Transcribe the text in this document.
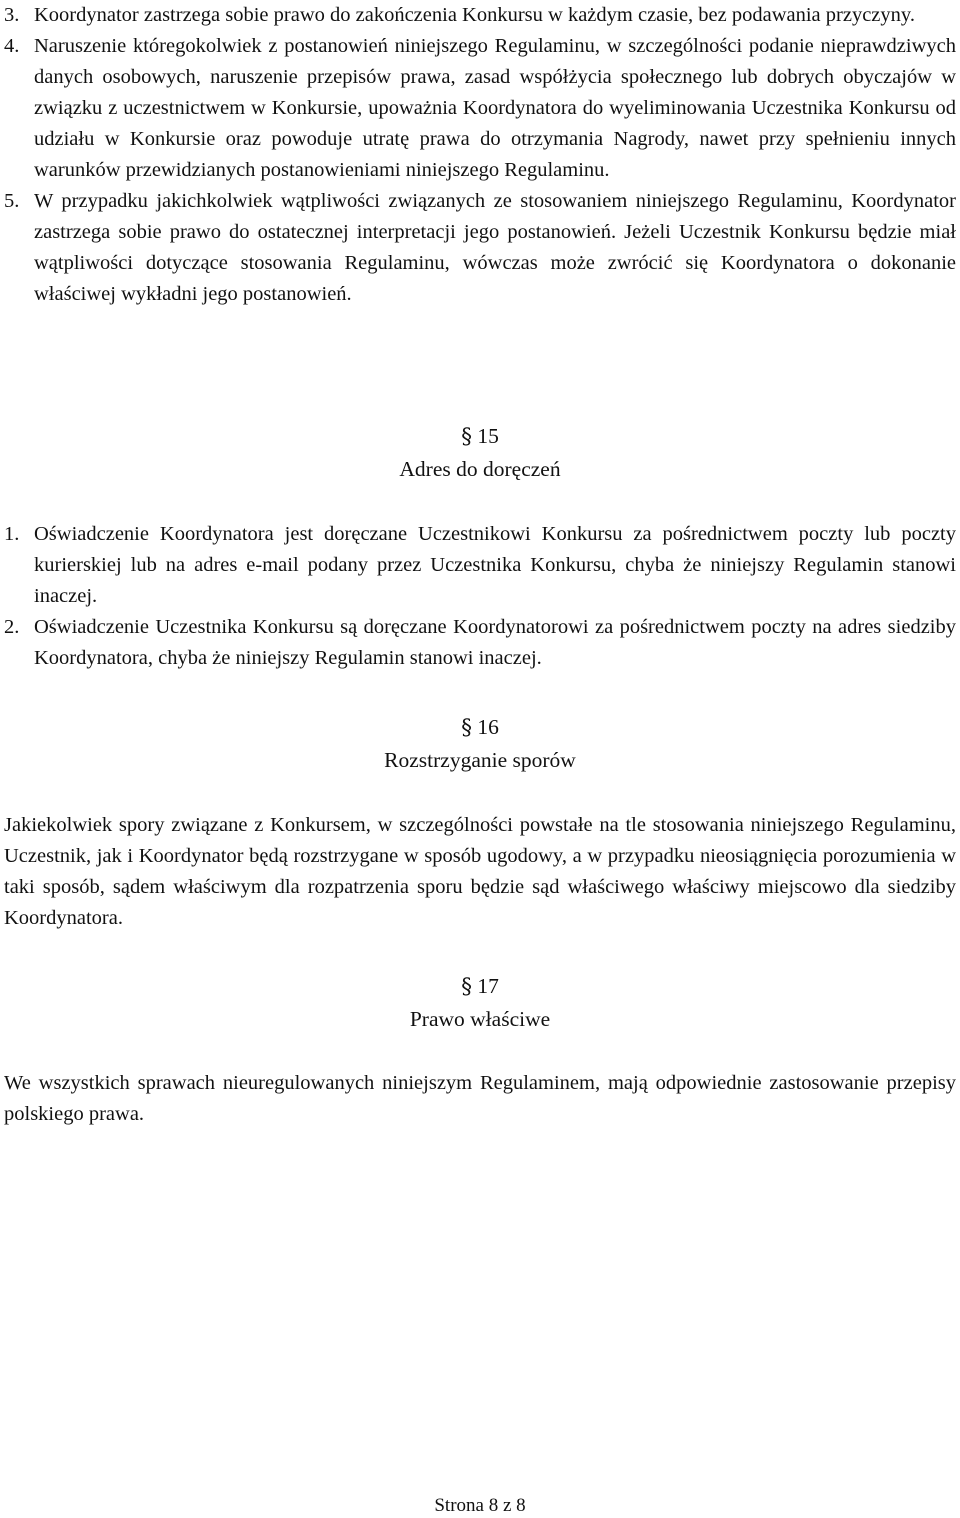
3. Koordynator zastrzega sobie prawo do zakończenia Konkursu w każdym czasie, bez podawania przyczyny.
4. Naruszenie któregokolwiek z postanowień niniejszego Regulaminu, w szczególności podanie nieprawdziwych danych osobowych, naruszenie przepisów prawa, zasad współżycia społecznego lub dobrych obyczajów w związku z uczestnictwem w Konkursie, upoważnia Koordynatora do wyeliminowania Uczestnika Konkursu od udziału w Konkursie oraz powoduje utratę prawa do otrzymania Nagrody, nawet przy spełnieniu innych warunków przewidzianych postanowieniami niniejszego Regulaminu.
5. W przypadku jakichkolwiek wątpliwości związanych ze stosowaniem niniejszego Regulaminu, Koordynator zastrzega sobie prawo do ostatecznej interpretacji jego postanowień. Jeżeli Uczestnik Konkursu będzie miał wątpliwości dotyczące stosowania Regulaminu, wówczas może zwrócić się Koordynatora o dokonanie właściwej wykładni jego postanowień.
§ 15
Adres do doręczeń
1. Oświadczenie Koordynatora jest doręczane Uczestnikowi Konkursu za pośrednictwem poczty lub poczty kurierskiej lub na adres e-mail podany przez Uczestnika Konkursu, chyba że niniejszy Regulamin stanowi inaczej.
2. Oświadczenie Uczestnika Konkursu są doręczane Koordynatorowi za pośrednictwem poczty na adres siedziby Koordynatora, chyba że niniejszy Regulamin stanowi inaczej.
§ 16
Rozstrzyganie sporów
Jakiekolwiek spory związane z Konkursem, w szczególności powstałe na tle stosowania niniejszego Regulaminu, Uczestnik, jak i Koordynator będą rozstrzygane w sposób ugodowy, a w przypadku nieosiągnięcia porozumienia w taki sposób, sądem właściwym dla rozpatrzenia sporu będzie sąd właściwego właściwy miejscowo dla siedziby Koordynatora.
§ 17
Prawo właściwe
We wszystkich sprawach nieuregulowanych niniejszym Regulaminem, mają odpowiednie zastosowanie przepisy polskiego prawa.
Strona 8 z 8
